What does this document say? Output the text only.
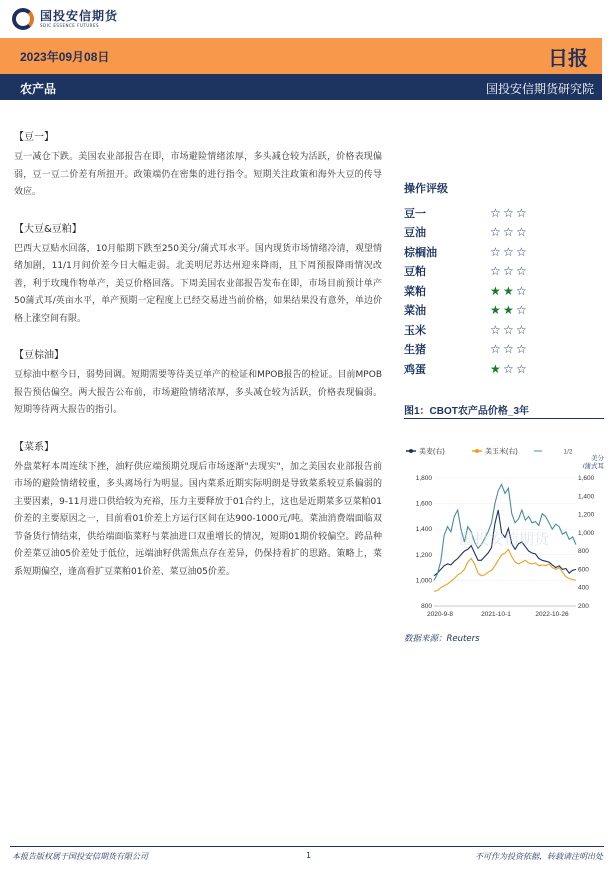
国投安信期货
SDIC ESSENCE FUTURES
2023年09月08日	日报
农产品	国投安信期货研究院
【豆一】
豆一减仓下跌。美国农业部报告在即，市场避险情绪浓厚，多头减仓较为活跃，价格表现偏弱，豆一豆二价差有所扭开。政策端仍在密集的进行指令。短期关注政策和海外大豆的传导效应。
【大豆&豆粕】
巴西大豆贴水回落，10月船期下跌至250美分/蒲式耳水平。国内现货市场情绪冷清，观望情绪加剧，11/1月间价差今日大幅走弱。北美明尼苏达州迎来降雨，且下周预报降雨情况改善，利于玫瑰作物单产，美豆价格回落。下周美国农业部报告发布在即，市场目前预计单产50蒲式耳/英亩水平，单产预期一定程度上已经交易进当前价格，如果结果没有意外，单边价格上涨空间有限。
【豆棕油】
豆棕油中枢今日，弱势回调。短期需要等待美豆单产的检证和MPOB报告的检证。目前MPOB报告预估偏空。两大报告公布前，市场避险情绪浓厚，多头减仓较为活跃，价格表现偏弱。短期等待两大报告的指引。
【菜系】
外盘菜籽本周连续下挫，油籽供应端预期兑现后市场逐渐"去现实"，加之美国农业部报告前市场的避险情绪较重，多头离场行为明显。国内菜系近期实际明朗是导致菜系较豆系偏弱的主要因素，9-11月进口供给较为充裕，压力主要释放于01合约上，这也是近期菜多豆菜粕01价差的主要原因之一，目前看01价差上方运行区间在达900-1000元/吨。菜油消费端面临双节备货行情结束，供给端面临菜籽与菜油进口双重增长的情况，短期01期价较偏空。跨品种价差菜豆油05价差处于低位，远端油籽供需焦点存在差异，仍保持看扩的思路。策略上，菜系短期偏空，逢高看扩豆菜粕01价差、菜豆油05价差。
操作评级
豆一	☆ ☆ ☆
豆油	☆ ☆ ☆
棕榈油	☆ ☆ ☆
豆粕	☆ ☆ ☆
菜粕	★ ★ ☆
菜油	★ ★ ☆
玉米	☆ ☆ ☆
生猪	☆ ☆ ☆
鸡蛋	★ ☆ ☆
图1：CBOT农产品价格_3年
美麦(右)	美玉米(右)	1/2
美分
/蒲式耳
800
1,000
1,200
1,400
1,600
1,800
200
400
600
800
1,000
1,200
1,400
1,600
2020-9-8	2021-10-1	2022-10-26
国投安信期货
数据来源：Reuters
本报告版权属于国投安信期货有限公司	1	不可作为投资依据，转载请注明出处
